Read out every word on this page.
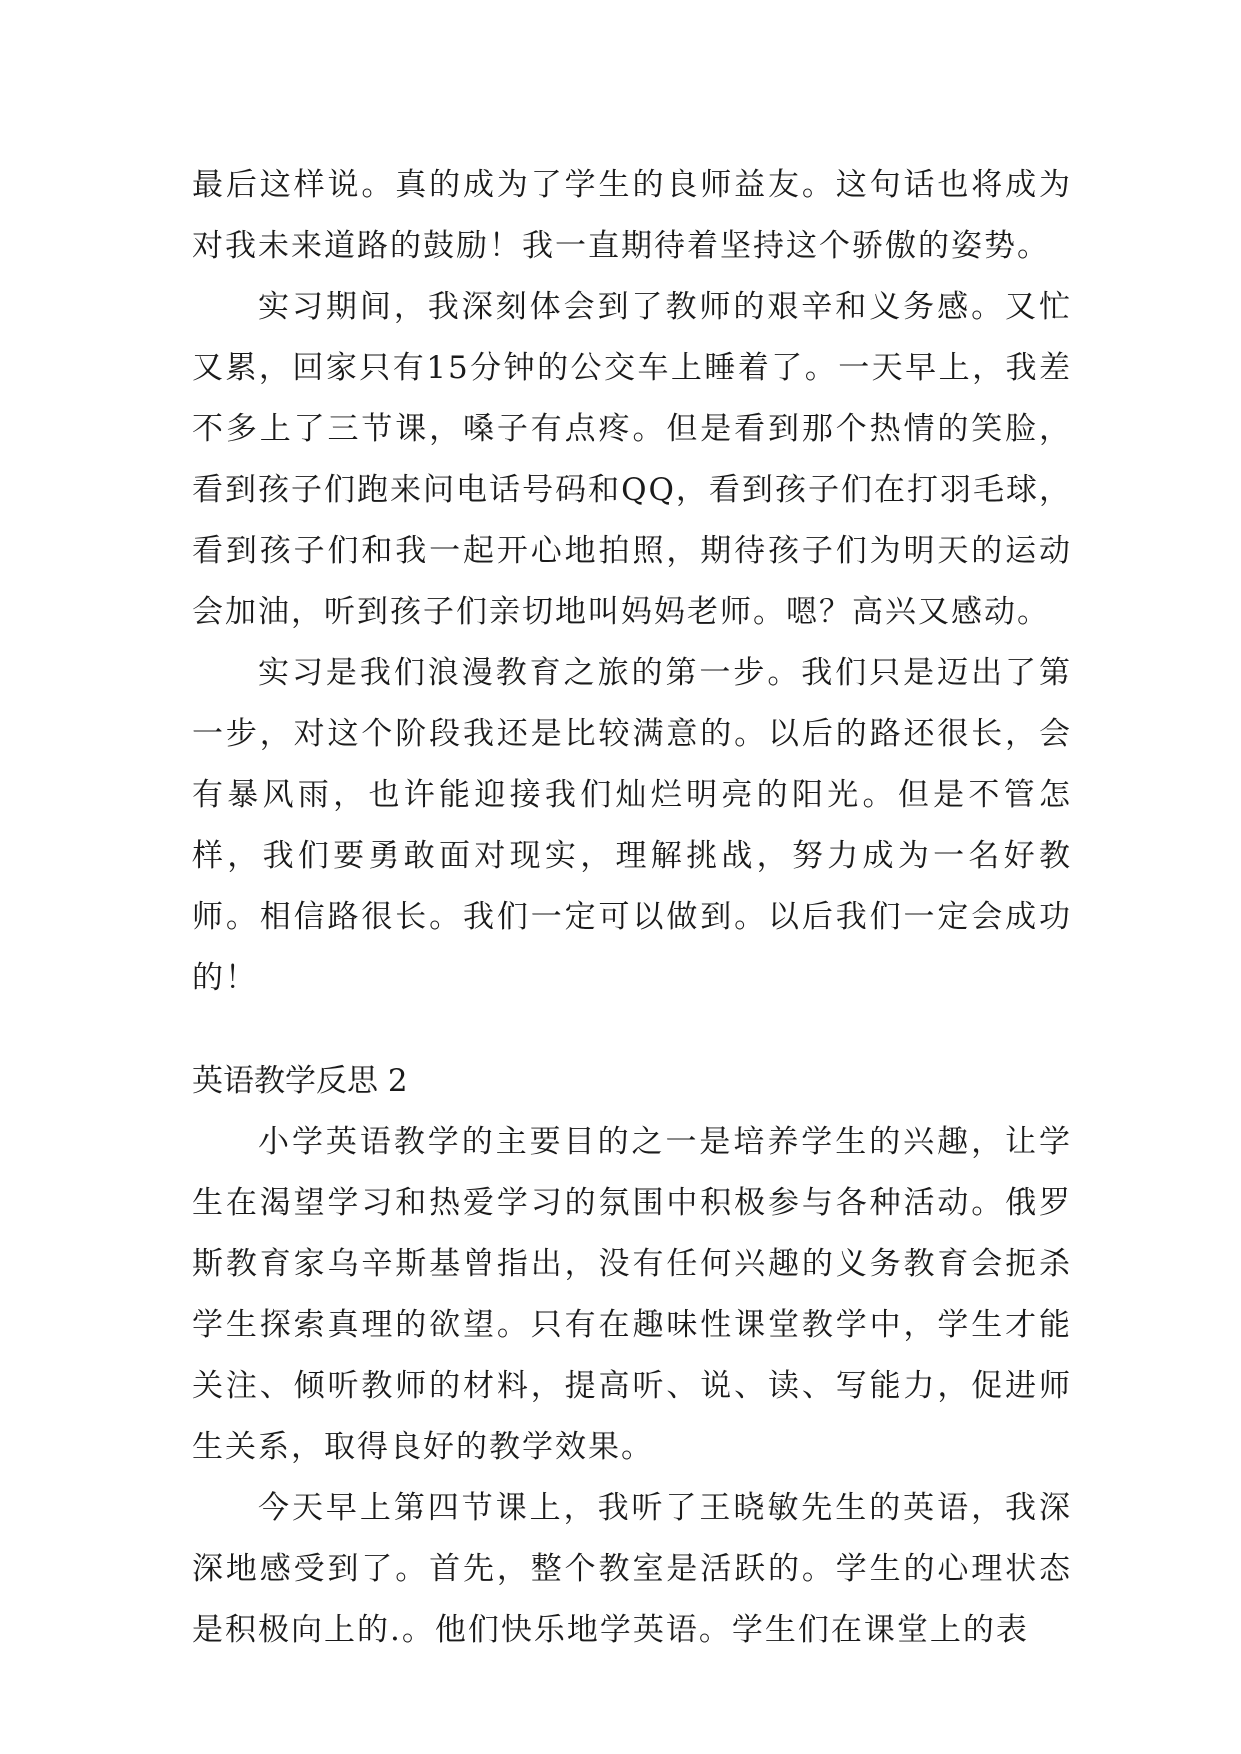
最后这样说。真的成为了学生的良师益友。这句话也将成为对我未来道路的鼓励！我一直期待着坚持这个骄傲的姿势。

实习期间，我深刻体会到了教师的艰辛和义务感。又忙又累，回家只有15分钟的公交车上睡着了。一天早上，我差不多上了三节课，嗓子有点疼。但是看到那个热情的笑脸，看到孩子们跑来问电话号码和QQ，看到孩子们在打羽毛球，看到孩子们和我一起开心地拍照，期待孩子们为明天的运动会加油，听到孩子们亲切地叫妈妈老师。嗯？高兴又感动。

实习是我们浪漫教育之旅的第一步。我们只是迈出了第一步，对这个阶段我还是比较满意的。以后的路还很长，会有暴风雨，也许能迎接我们灿烂明亮的阳光。但是不管怎样，我们要勇敢面对现实，理解挑战，努力成为一名好教师。相信路很长。我们一定可以做到。以后我们一定会成功的！

英语教学反思 2

小学英语教学的主要目的之一是培养学生的兴趣，让学生在渴望学习和热爱学习的氛围中积极参与各种活动。俄罗斯教育家乌辛斯基曾指出，没有任何兴趣的义务教育会扼杀学生探索真理的欲望。只有在趣味性课堂教学中，学生才能关注、倾听教师的材料，提高听、说、读、写能力，促进师生关系，取得良好的教学效果。

今天早上第四节课上，我听了王晓敏先生的英语，我深深地感受到了。首先，整个教室是活跃的。学生的心理状态是积极向上的.。他们快乐地学英语。学生们在课堂上的表
